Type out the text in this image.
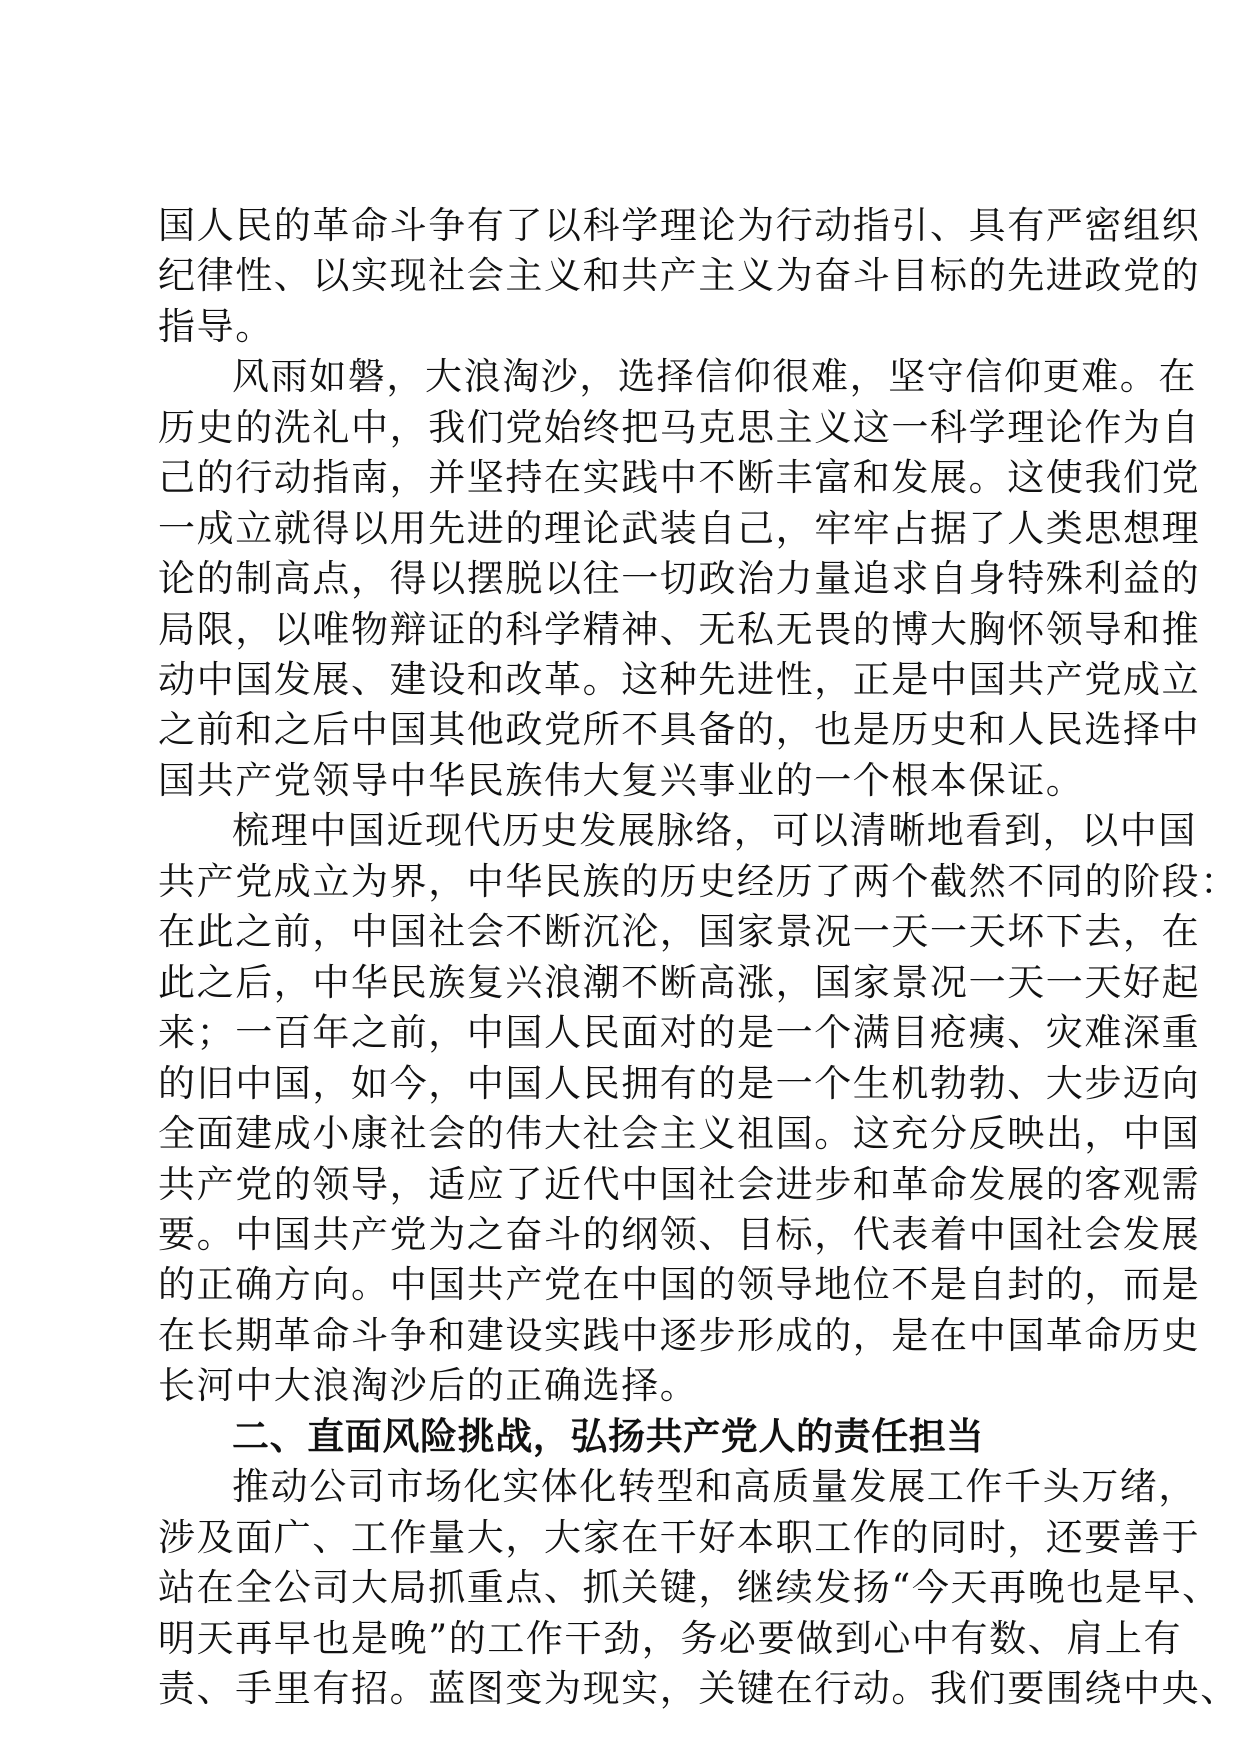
国人民的革命斗争有了以科学理论为行动指引、具有严密组织
纪律性、以实现社会主义和共产主义为奋斗目标的先进政党的
指导。
风雨如磐，大浪淘沙，选择信仰很难，坚守信仰更难。在
历史的洗礼中，我们党始终把马克思主义这一科学理论作为自
己的行动指南，并坚持在实践中不断丰富和发展。这使我们党
一成立就得以用先进的理论武装自己，牢牢占据了人类思想理
论的制高点，得以摆脱以往一切政治力量追求自身特殊利益的
局限，以唯物辩证的科学精神、无私无畏的博大胸怀领导和推
动中国发展、建设和改革。这种先进性，正是中国共产党成立
之前和之后中国其他政党所不具备的，也是历史和人民选择中
国共产党领导中华民族伟大复兴事业的一个根本保证。
梳理中国近现代历史发展脉络，可以清晰地看到，以中国
共产党成立为界，中华民族的历史经历了两个截然不同的阶段：
在此之前，中国社会不断沉沦，国家景况一天一天坏下去，在
此之后，中华民族复兴浪潮不断高涨，国家景况一天一天好起
来；一百年之前，中国人民面对的是一个满目疮痍、灾难深重
的旧中国，如今，中国人民拥有的是一个生机勃勃、大步迈向
全面建成小康社会的伟大社会主义祖国。这充分反映出，中国
共产党的领导，适应了近代中国社会进步和革命发展的客观需
要。中国共产党为之奋斗的纲领、目标，代表着中国社会发展
的正确方向。中国共产党在中国的领导地位不是自封的，而是
在长期革命斗争和建设实践中逐步形成的，是在中国革命历史
长河中大浪淘沙后的正确选择。
二、直面风险挑战，弘扬共产党人的责任担当
推动公司市场化实体化转型和高质量发展工作千头万绪，
涉及面广、工作量大，大家在干好本职工作的同时，还要善于
站在全公司大局抓重点、抓关键，继续发扬“今天再晚也是早、
明天再早也是晚”的工作干劲，务必要做到心中有数、肩上有
责、手里有招。蓝图变为现实，关键在行动。我们要围绕中央、
